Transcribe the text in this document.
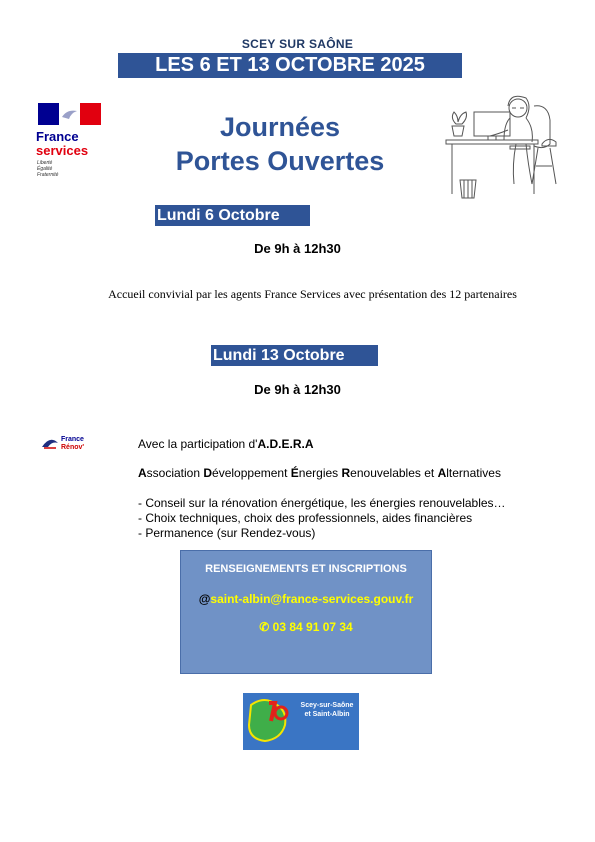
SCEY SUR SAÔNE
LES 6 ET 13 OCTOBRE 2025
France
services
Liberté
Égalité
Fraternité
Journées
Portes Ouvertes
Lundi 6 Octobre
De 9h à 12h30
Accueil convivial par les agents France Services avec présentation des 12 partenaires
Lundi 13 Octobre
De 9h à 12h30
France
Rénov'	Avec la participation d'A.D.E.R.A
Association Développement Énergies Renouvelables et Alternatives
- Conseil sur la rénovation énergétique, les énergies renouvelables…
- Choix techniques, choix des professionnels, aides financières
- Permanence (sur Rendez-vous)
RENSEIGNEMENTS ET INSCRIPTIONS
@saint-albin@france-services.gouv.fr
✆ 03 84 91 07 34
Scey-sur-Saône et Saint-Albin
